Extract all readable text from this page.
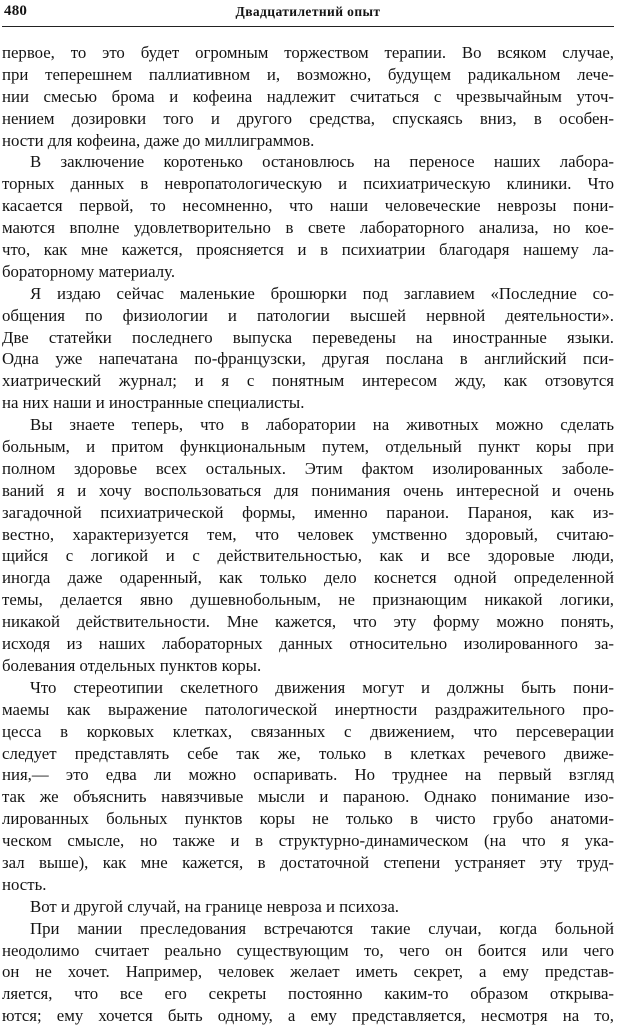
480	Двадцатилетний опыт
первое, то это будет огромным торжеством терапии. Во всяком случае,
при теперешнем паллиативном и, возможно, будущем радикальном лече-
нии смесью брома и кофеина надлежит считаться с чрезвычайным уточ-
нением дозировки того и другого средства, спускаясь вниз, в особен-
ности для кофеина, даже до миллиграммов.
В заключение коротенько остановлюсь на переносе наших лабора-
торных данных в невропатологическую и психиатрическую клиники. Что
касается первой, то несомненно, что наши человеческие неврозы пони-
маются вполне удовлетворительно в свете лабораторного анализа, но кое-
что, как мне кажется, проясняется и в психиатрии благодаря нашему ла-
бораторному материалу.
Я издаю сейчас маленькие брошюрки под заглавием «Последние со-
общения по физиологии и патологии высшей нервной деятельности».
Две статейки последнего выпуска переведены на иностранные языки.
Одна уже напечатана по-французски, другая послана в английский пси-
хиатрический журнал; и я с понятным интересом жду, как отзовутся
на них наши и иностранные специалисты.
Вы знаете теперь, что в лаборатории на животных можно сделать
больным, и притом функциональным путем, отдельный пункт коры при
полном здоровье всех остальных. Этим фактом изолированных заболе-
ваний я и хочу воспользоваться для понимания очень интересной и очень
загадочной психиатрической формы, именно паранои. Параноя, как из-
вестно, характеризуется тем, что человек умственно здоровый, считаю-
щийся с логикой и с действительностью, как и все здоровые люди,
иногда даже одаренный, как только дело коснется одной определенной
темы, делается явно душевнобольным, не признающим никакой логики,
никакой действительности. Мне кажется, что эту форму можно понять,
исходя из наших лабораторных данных относительно изолированного за-
болевания отдельных пунктов коры.
Что стереотипии скелетного движения могут и должны быть пони-
маемы как выражение патологической инертности раздражительного про-
цесса в корковых клетках, связанных с движением, что персеверации
следует представлять себе так же, только в клетках речевого движе-
ния,— это едва ли можно оспаривать. Но труднее на первый взгляд
так же объяснить навязчивые мысли и параною. Однако понимание изо-
лированных больных пунктов коры не только в чисто грубо анатоми-
ческом смысле, но также и в структурно-динамическом (на что я ука-
зал выше), как мне кажется, в достаточной степени устраняет эту труд-
ность.
Вот и другой случай, на границе невроза и психоза.
При мании преследования встречаются такие случаи, когда больной
неодолимо считает реально существующим то, чего он боится или чего
он не хочет. Например, человек желает иметь секрет, а ему представ-
ляется, что все его секреты постоянно каким-то образом открыва-
ются; ему хочется быть одному, а ему представляется, несмотря на то,
